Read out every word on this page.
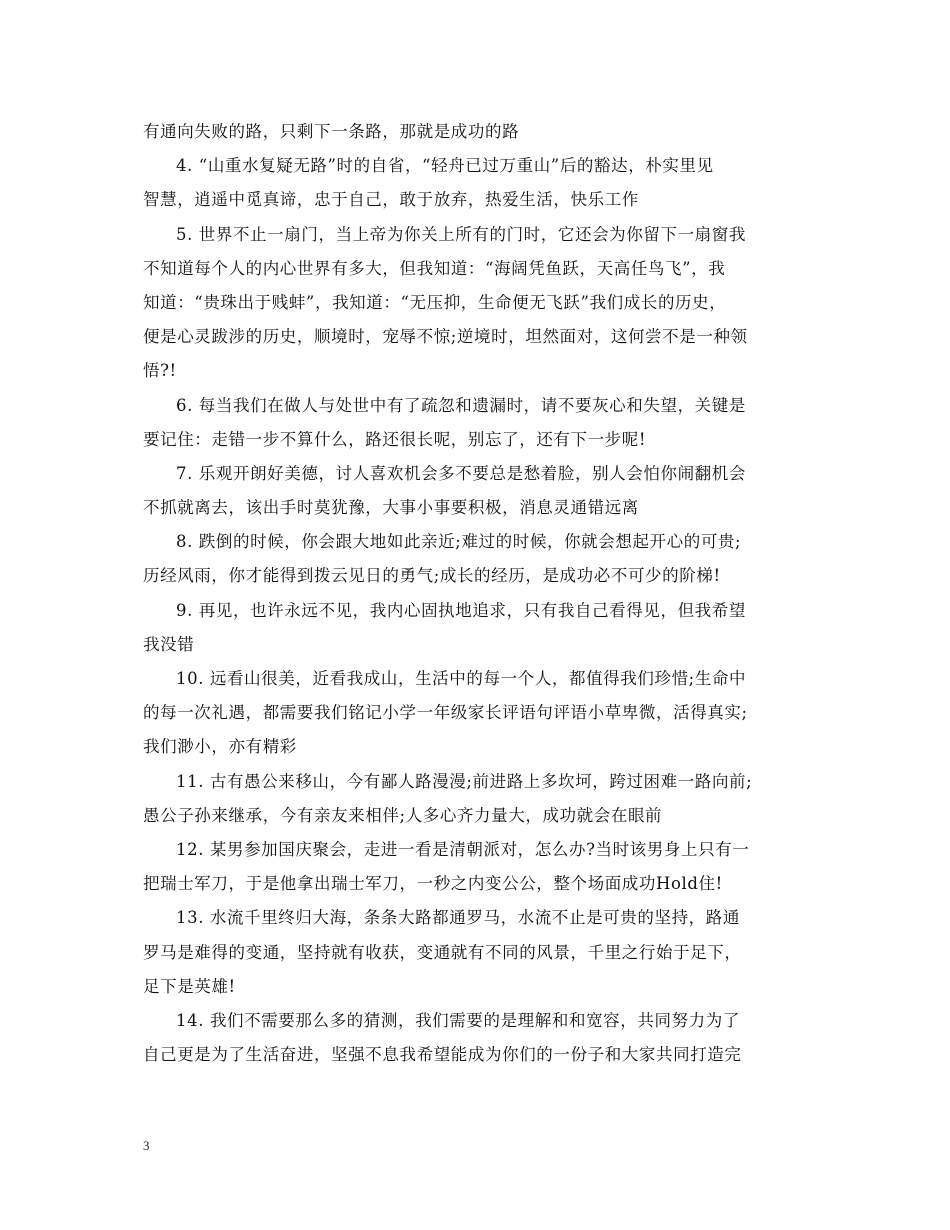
有通向失败的路，只剩下一条路，那就是成功的路
4. “山重水复疑无路”时的自省，“轻舟已过万重山”后的豁达，朴实里见
智慧，逍遥中觅真谛，忠于自己，敢于放弃，热爱生活，快乐工作
5. 世界不止一扇门，当上帝为你关上所有的门时，它还会为你留下一扇窗我
不知道每个人的内心世界有多大，但我知道：“海阔凭鱼跃，天高任鸟飞”，我
知道：“贵珠出于贱蚌”，我知道：“无压抑，生命便无飞跃”我们成长的历史，
便是心灵跋涉的历史，顺境时，宠辱不惊;逆境时，坦然面对，这何尝不是一种领
悟?!
6. 每当我们在做人与处世中有了疏忽和遗漏时，请不要灰心和失望，关键是
要记住：走错一步不算什么，路还很长呢，别忘了，还有下一步呢!
7. 乐观开朗好美德，讨人喜欢机会多不要总是愁着脸，别人会怕你闹翻机会
不抓就离去，该出手时莫犹豫，大事小事要积极，消息灵通错远离
8. 跌倒的时候，你会跟大地如此亲近;难过的时候，你就会想起开心的可贵;
历经风雨，你才能得到拨云见日的勇气;成长的经历，是成功必不可少的阶梯!
9. 再见，也许永远不见，我内心固执地追求，只有我自己看得见，但我希望
我没错
10. 远看山很美，近看我成山，生活中的每一个人，都值得我们珍惜;生命中
的每一次礼遇，都需要我们铭记小学一年级家长评语句评语小草卑微，活得真实;
我们渺小，亦有精彩
11. 古有愚公来移山，今有鄙人路漫漫;前进路上多坎坷，跨过困难一路向前;
愚公子孙来继承，今有亲友来相伴;人多心齐力量大，成功就会在眼前
12. 某男参加国庆聚会，走进一看是清朝派对，怎么办?当时该男身上只有一
把瑞士军刀，于是他拿出瑞士军刀，一秒之内变公公，整个场面成功Hold住!
13. 水流千里终归大海，条条大路都通罗马，水流不止是可贵的坚持，路通
罗马是难得的变通，坚持就有收获，变通就有不同的风景，千里之行始于足下，
足下是英雄!
14. 我们不需要那么多的猜测，我们需要的是理解和和宽容，共同努力为了
自己更是为了生活奋进，坚强不息我希望能成为你们的一份子和大家共同打造完
3
